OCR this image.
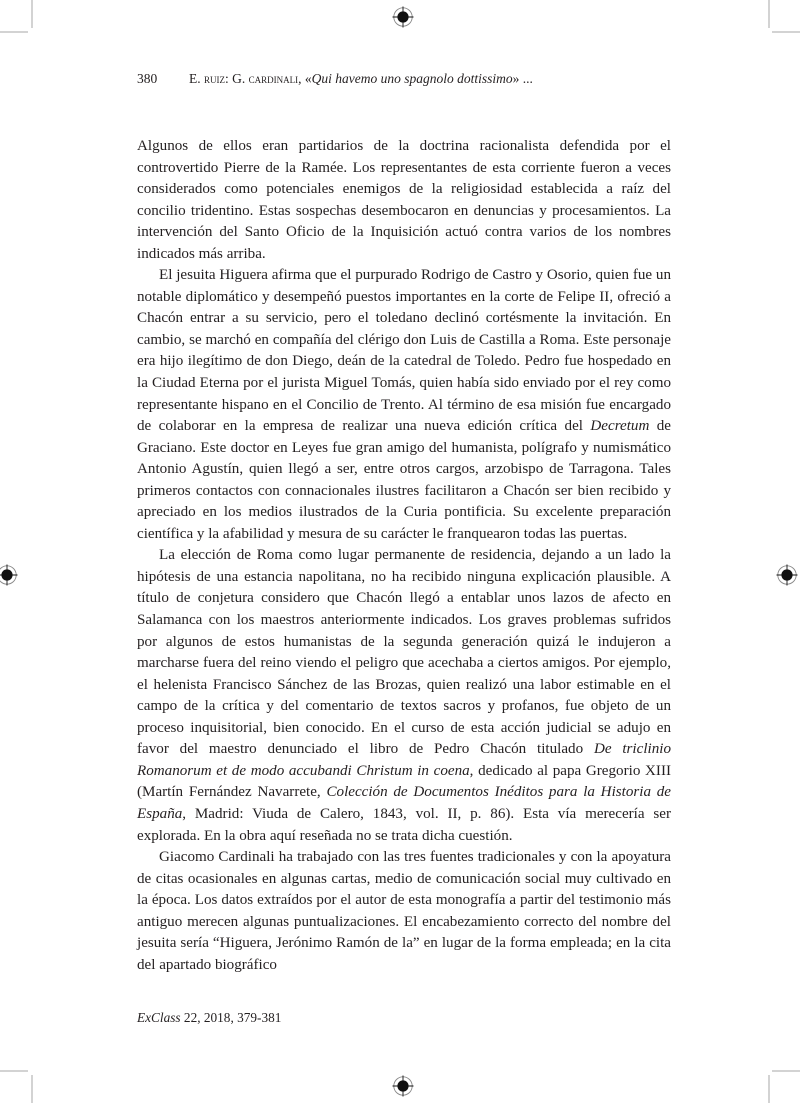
380 E. ruiz: G. cardinali, «Qui havemo uno spagnolo dottissimo» ...

Algunos de ellos eran partidarios de la doctrina racionalista defendida por el controvertido Pierre de la Ramée. Los representantes de esta corriente fueron a veces considerados como potenciales enemigos de la religiosidad establecida a raíz del concilio tridentino. Estas sospechas desembocaron en denuncias y procesamientos. La intervención del Santo Oficio de la Inquisición actuó contra varios de los nombres indicados más arriba.

El jesuita Higuera afirma que el purpurado Rodrigo de Castro y Osorio, quien fue un notable diplomático y desempeñó puestos importantes en la corte de Felipe II, ofreció a Chacón entrar a su servicio, pero el toledano declinó cortésmente la invitación. En cambio, se marchó en compañía del clérigo don Luis de Castilla a Roma. Este personaje era hijo ilegítimo de don Diego, deán de la catedral de Toledo. Pedro fue hospedado en la Ciudad Eterna por el jurista Miguel Tomás, quien había sido enviado por el rey como representante hispano en el Concilio de Trento. Al término de esa misión fue encargado de colaborar en la empresa de realizar una nueva edición crítica del Decretum de Graciano. Este doctor en Leyes fue gran amigo del humanista, polígrafo y numismático Antonio Agustín, quien llegó a ser, entre otros cargos, arzobispo de Tarragona. Tales primeros contactos con connacionales ilustres facilitaron a Chacón ser bien recibido y apreciado en los medios ilustrados de la Curia pontificia. Su excelente preparación científica y la afabilidad y mesura de su carácter le franquearon todas las puertas.

La elección de Roma como lugar permanente de residencia, dejando a un lado la hipótesis de una estancia napolitana, no ha recibido ninguna explicación plausible. A título de conjetura considero que Chacón llegó a entablar unos lazos de afecto en Salamanca con los maestros anteriormente indicados. Los graves problemas sufridos por algunos de estos humanistas de la segunda generación quizá le indujeron a marcharse fuera del reino viendo el peligro que acechaba a ciertos amigos. Por ejemplo, el helenista Francisco Sánchez de las Brozas, quien realizó una labor estimable en el campo de la crítica y del comentario de textos sacros y profanos, fue objeto de un proceso inquisitorial, bien conocido. En el curso de esta acción judicial se adujo en favor del maestro denunciado el libro de Pedro Chacón titulado De triclinio Romanorum et de modo accubandi Christum in coena, dedicado al papa Gregorio XIII (Martín Fernández Navarrete, Colección de Documentos Inéditos para la Historia de España, Madrid: Viuda de Calero, 1843, vol. II, p. 86). Esta vía merecería ser explorada. En la obra aquí reseñada no se trata dicha cuestión.

Giacomo Cardinali ha trabajado con las tres fuentes tradicionales y con la apoyatura de citas ocasionales en algunas cartas, medio de comunicación social muy cultivado en la época. Los datos extraídos por el autor de esta monografía a partir del testimonio más antiguo merecen algunas puntualizaciones. El encabezamiento correcto del nombre del jesuita sería “Higuera, Jerónimo Ramón de la” en lugar de la forma empleada; en la cita del apartado biográfico

ExClass 22, 2018, 379-381
